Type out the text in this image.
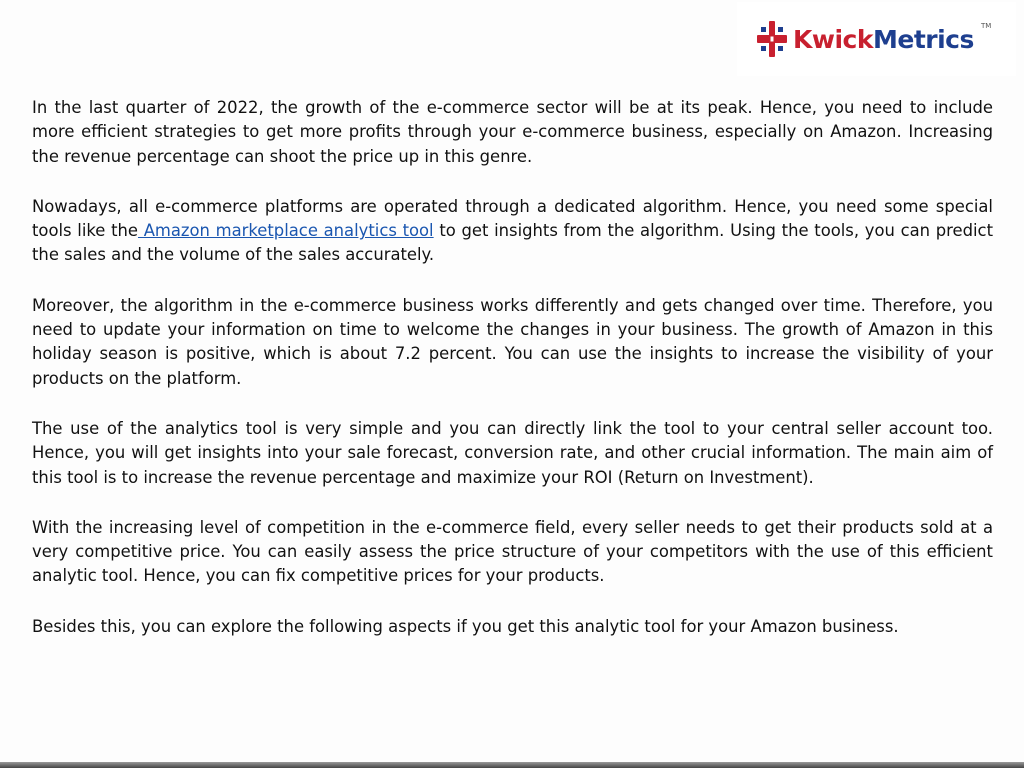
KwickMetrics TM

In the last quarter of 2022, the growth of the e-commerce sector will be at its peak. Hence, you need to include more efficient strategies to get more profits through your e-commerce business, especially on Amazon. Increasing the revenue percentage can shoot the price up in this genre.

Nowadays, all e-commerce platforms are operated through a dedicated algorithm. Hence, you need some special tools like the Amazon marketplace analytics tool to get insights from the algorithm. Using the tools, you can predict the sales and the volume of the sales accurately.

Moreover, the algorithm in the e-commerce business works differently and gets changed over time. Therefore, you need to update your information on time to welcome the changes in your business. The growth of Amazon in this holiday season is positive, which is about 7.2 percent. You can use the insights to increase the visibility of your products on the platform.

The use of the analytics tool is very simple and you can directly link the tool to your central seller account too. Hence, you will get insights into your sale forecast, conversion rate, and other crucial information. The main aim of this tool is to increase the revenue percentage and maximize your ROI (Return on Investment).

With the increasing level of competition in the e-commerce field, every seller needs to get their products sold at a very competitive price. You can easily assess the price structure of your competitors with the use of this efficient analytic tool. Hence, you can fix competitive prices for your products.

Besides this, you can explore the following aspects if you get this analytic tool for your Amazon business.
